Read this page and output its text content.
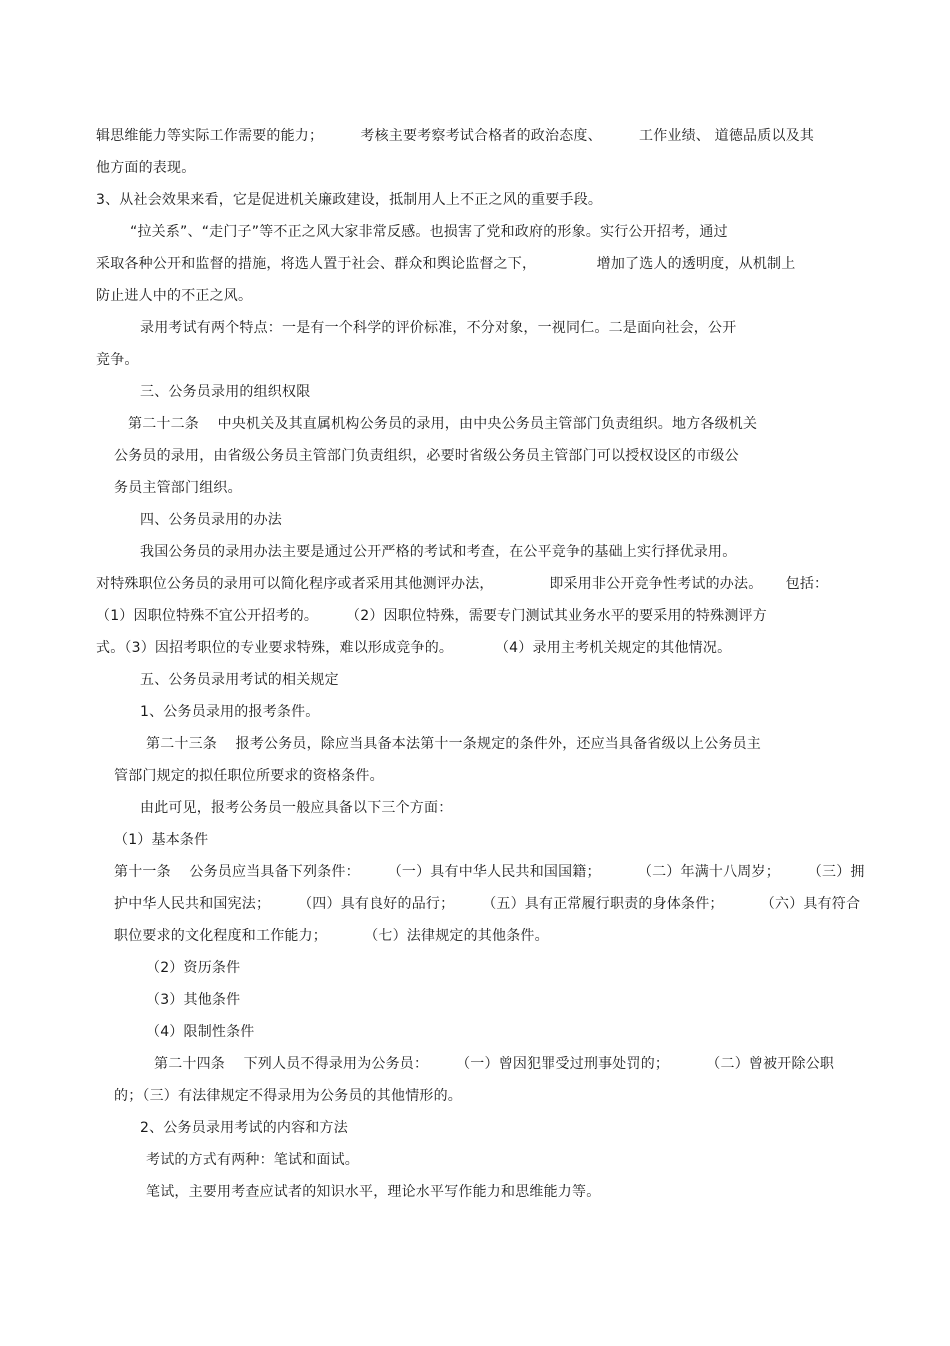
辑思维能力等实际工作需要的能力；        考核主要考察考试合格者的政治态度、        工作业绩、 道德品质以及其
他方面的表现。
3、从社会效果来看，它是促进机关廉政建设，抵制用人上不正之风的重要手段。
“拉关系”、“走门子”等不正之风大家非常反感。也损害了党和政府的形象。实行公开招考，通过
采取各种公开和监督的措施，将选人置于社会、群众和舆论监督之下，             增加了选人的透明度，从机制上
防止进人中的不正之风。
录用考试有两个特点：一是有一个科学的评价标准，不分对象，一视同仁。二是面向社会，公开
竞争。
三、公务员录用的组织权限
第二十二条    中央机关及其直属机构公务员的录用，由中央公务员主管部门负责组织。地方各级机关
公务员的录用，由省级公务员主管部门负责组织，必要时省级公务员主管部门可以授权设区的市级公
务员主管部门组织。
四、公务员录用的办法
我国公务员的录用办法主要是通过公开严格的考试和考查，在公平竞争的基础上实行择优录用。
对特殊职位公务员的录用可以简化程序或者采用其他测评办法，            即采用非公开竞争性考试的办法。     包括：
（1）因职位特殊不宜公开招考的。      （2）因职位特殊，需要专门测试其业务水平的要采用的特殊测评方
式。（3）因招考职位的专业要求特殊，难以形成竞争的。         （4）录用主考机关规定的其他情况。
五、公务员录用考试的相关规定
1、公务员录用的报考条件。
第二十三条    报考公务员，除应当具备本法第十一条规定的条件外，还应当具备省级以上公务员主
管部门规定的拟任职位所要求的资格条件。
由此可见，报考公务员一般应具备以下三个方面：
（1）基本条件
第十一条    公务员应当具备下列条件：      （一）具有中华人民共和国国籍；        （二）年满十八周岁；      （三）拥
护中华人民共和国宪法；      （四）具有良好的品行；      （五）具有正常履行职责的身体条件；        （六）具有符合
职位要求的文化程度和工作能力；        （七）法律规定的其他条件。
（2）资历条件
（3）其他条件
（4）限制性条件
第二十四条    下列人员不得录用为公务员：      （一）曾因犯罪受过刑事处罚的；        （二）曾被开除公职
的；（三）有法律规定不得录用为公务员的其他情形的。
2、公务员录用考试的内容和方法
考试的方式有两种：笔试和面试。
笔试，主要用考查应试者的知识水平，理论水平写作能力和思维能力等。
